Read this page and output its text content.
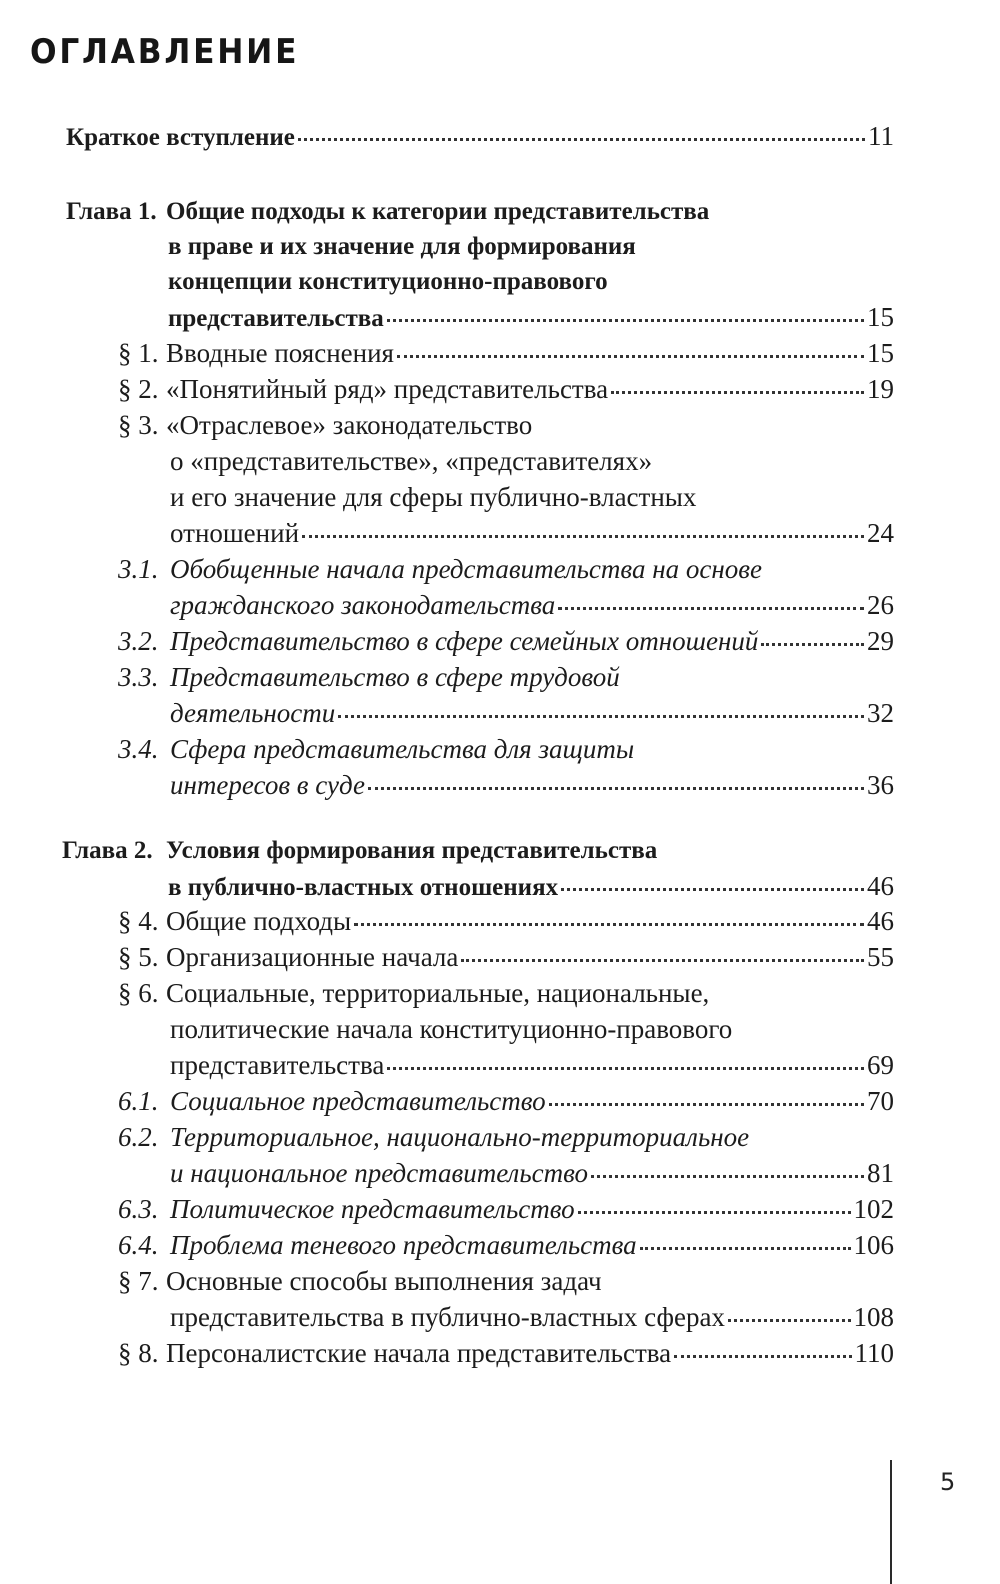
ОГЛАВЛЕНИЕ
Краткое вступление	11
Глава 1. Общие подходы к категории представительства
в праве и их значение для формирования
концепции конституционно-правового
представительства	15
§ 1. Вводные пояснения	15
§ 2. «Понятийный ряд» представительства	19
§ 3. «Отраслевое» законодательство
о «представительстве», «представителях»
и его значение для сферы публично-властных
отношений	24
3.1. Обобщенные начала представительства на основе
гражданского законодательства	26
3.2. Представительство в сфере семейных отношений	29
3.3. Представительство в сфере трудовой
деятельности	32
3.4. Сфера представительства для защиты
интересов в суде	36
Глава 2. Условия формирования представительства
в публично-властных отношениях	46
§ 4. Общие подходы	46
§ 5. Организационные начала	55
§ 6. Социальные, территориальные, национальные,
политические начала конституционно-правового
представительства	69
6.1. Социальное представительство	70
6.2. Территориальное, национально-территориальное
и национальное представительство	81
6.3. Политическое представительство	102
6.4. Проблема теневого представительства	106
§ 7. Основные способы выполнения задач
представительства в публично-властных сферах	108
§ 8. Персоналистские начала представительства	110
5
